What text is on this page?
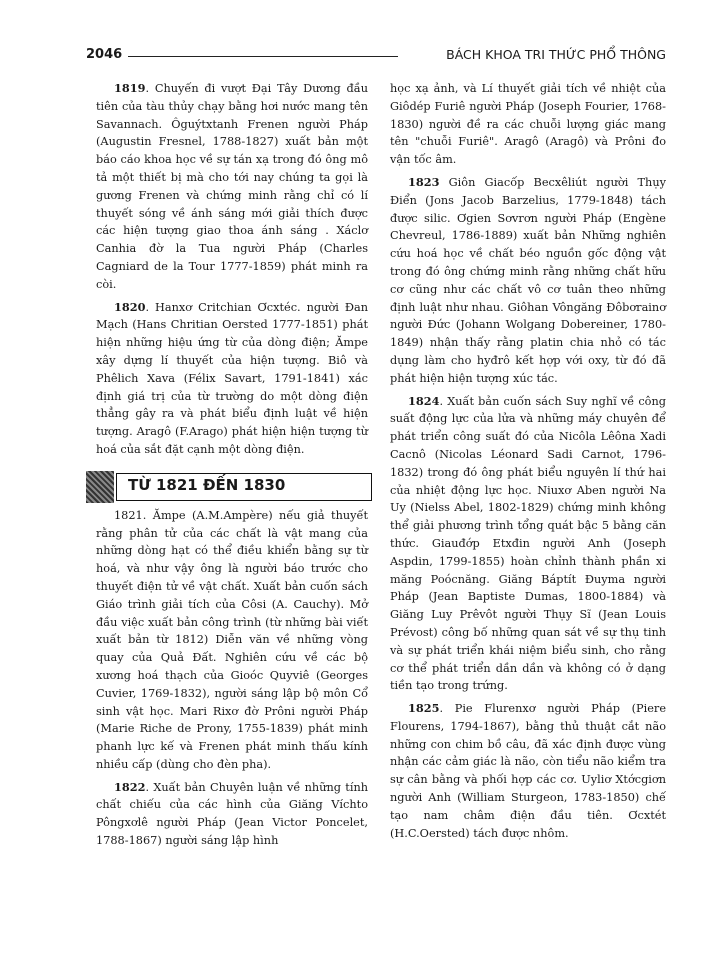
2046	BÁCH KHOA TRI THỨC PHỔ THÔNG

1819. Chuyến đi vượt Đại Tây Dương đầu tiên của tàu thủy chạy bằng hơi nước mang tên Savannach. Ôguýtxtanh Frenen người Pháp (Augustin Fresnel, 1788-1827) xuất bản một báo cáo khoa học về sự tán xạ trong đó ông mô tả một thiết bị mà cho tới nay chúng ta gọi là gương Frenen và chứng minh rằng chỉ có lí thuyết sóng về ánh sáng mới giải thích được các hiện tượng giao thoa ánh sáng . Xáclơ Canhia đờ la Tua người Pháp (Charles Cagniard de la Tour 1777-1859) phát minh ra còi.

1820. Hanxơ Critchian Ơcxtéc. người Đan Mạch (Hans Chritian Oersted 1777-1851) phát hiện những hiệu ứng từ của dòng điện; Ămpe xây dựng lí thuyết của hiện tượng. Biô và Phêlich Xava (Félix Savart, 1791-1841) xác định giá trị của từ trường do một dòng điện thẳng gây ra và phát biểu định luật về hiện tượng. Aragô (F.Arago) phát hiện hiện tượng từ hoá của sắt đặt cạnh một dòng điện.

TỪ 1821 ĐẾN 1830

1821. Ămpe (A.M.Ampère) nếu giả thuyết rằng phân tử của các chất là vật mang của những dòng hạt có thể điều khiển bằng sự từ hoá, và như vậy ông là người báo trước cho thuyết điện tử về vật chất. Xuất bản cuốn sách Giáo trình giải tích của Côsi (A. Cauchy). Mở đầu việc xuất bản công trình (từ những bài viết xuất bản từ 1812) Diễn văn về những vòng quay của Quả Đất. Nghiên cứu về các bộ xương hoá thạch của Gioóc Quyviê (Georges Cuvier, 1769-1832), người sáng lập bộ môn Cổ sinh vật học. Mari Rixơ đờ Prôni người Pháp (Marie Riche de Prony, 1755-1839) phát minh phanh lực kế và Frenen phát minh thấu kính nhiều cấp (dùng cho đèn pha).

1822. Xuất bản Chuyên luận về những tính chất chiếu của các hình của Giăng Víchto Pôngxơlê người Pháp (Jean Victor Poncelet, 1788-1867) người sáng lập hình

học xạ ảnh, và Lí thuyết giải tích về nhiệt của Giôdép Furiê người Pháp (Joseph Fourier, 1768-1830) người đề ra các chuỗi lượng giác mang tên "chuỗi Furiê". Aragô (Aragô) và Prôni đo vận tốc âm.

1823 Giôn Giacốp Becxêliút người Thụy Điển (Jons Jacob Barzelius, 1779-1848) tách được silic. Ơgien Sơvrơn người Pháp (Engène Chevreul, 1786-1889) xuất bản Những nghiên cứu hoá học về chất béo nguồn gốc động vật trong đó ông chứng minh rằng những chất hữu cơ cũng như các chất vô cơ tuân theo những định luật như nhau. Giôhan Vôngăng Đôbơrainơ người Đức (Johann Wolgang Dobereiner, 1780-1849) nhận thấy rằng platin chia nhỏ có tác dụng làm cho hyđrô kết hợp với oxy, từ đó đã phát hiện hiện tượng xúc tác.

1824. Xuất bản cuốn sách Suy nghĩ về công suất động lực của lửa và những máy chuyên để phát triển công suất đó của Nicôla Lêôna Xadi Cacnô (Nicolas Léonard Sadi Carnot, 1796-1832) trong đó ông phát biểu nguyên lí thứ hai của nhiệt động lực học. Niuxơ Aben người Na Uy (Nielss Abel, 1802-1829) chứng minh không thể giải phương trình tổng quát bậc 5 bằng căn thức. Giauđớp Etxđin người Anh (Joseph Aspdin, 1799-1855) hoàn chỉnh thành phần xi măng Poócnăng. Giăng Báptít Đuyma người Pháp (Jean Baptiste Dumas, 1800-1884) và Giăng Luy Prêvôt người Thụy Sĩ (Jean Louis Prévost) công bố những quan sát về sự thụ tinh và sự phát triển khái niệm biểu sinh, cho rằng cơ thể phát triển dần dần và không có ở dạng tiền tạo trong trứng.

1825. Pie Flurenxơ người Pháp (Piere Flourens, 1794-1867), bằng thủ thuật cắt não những con chim bồ câu, đã xác định được vùng nhận các cảm giác là não, còn tiểu não kiểm tra sự cân bằng và phối hợp các cơ. Uyliơ Xtớcgiơn người Anh (William Sturgeon, 1783-1850) chế tạo nam châm điện đầu tiên. Ơcxtét (H.C.Oersted) tách được nhôm.
